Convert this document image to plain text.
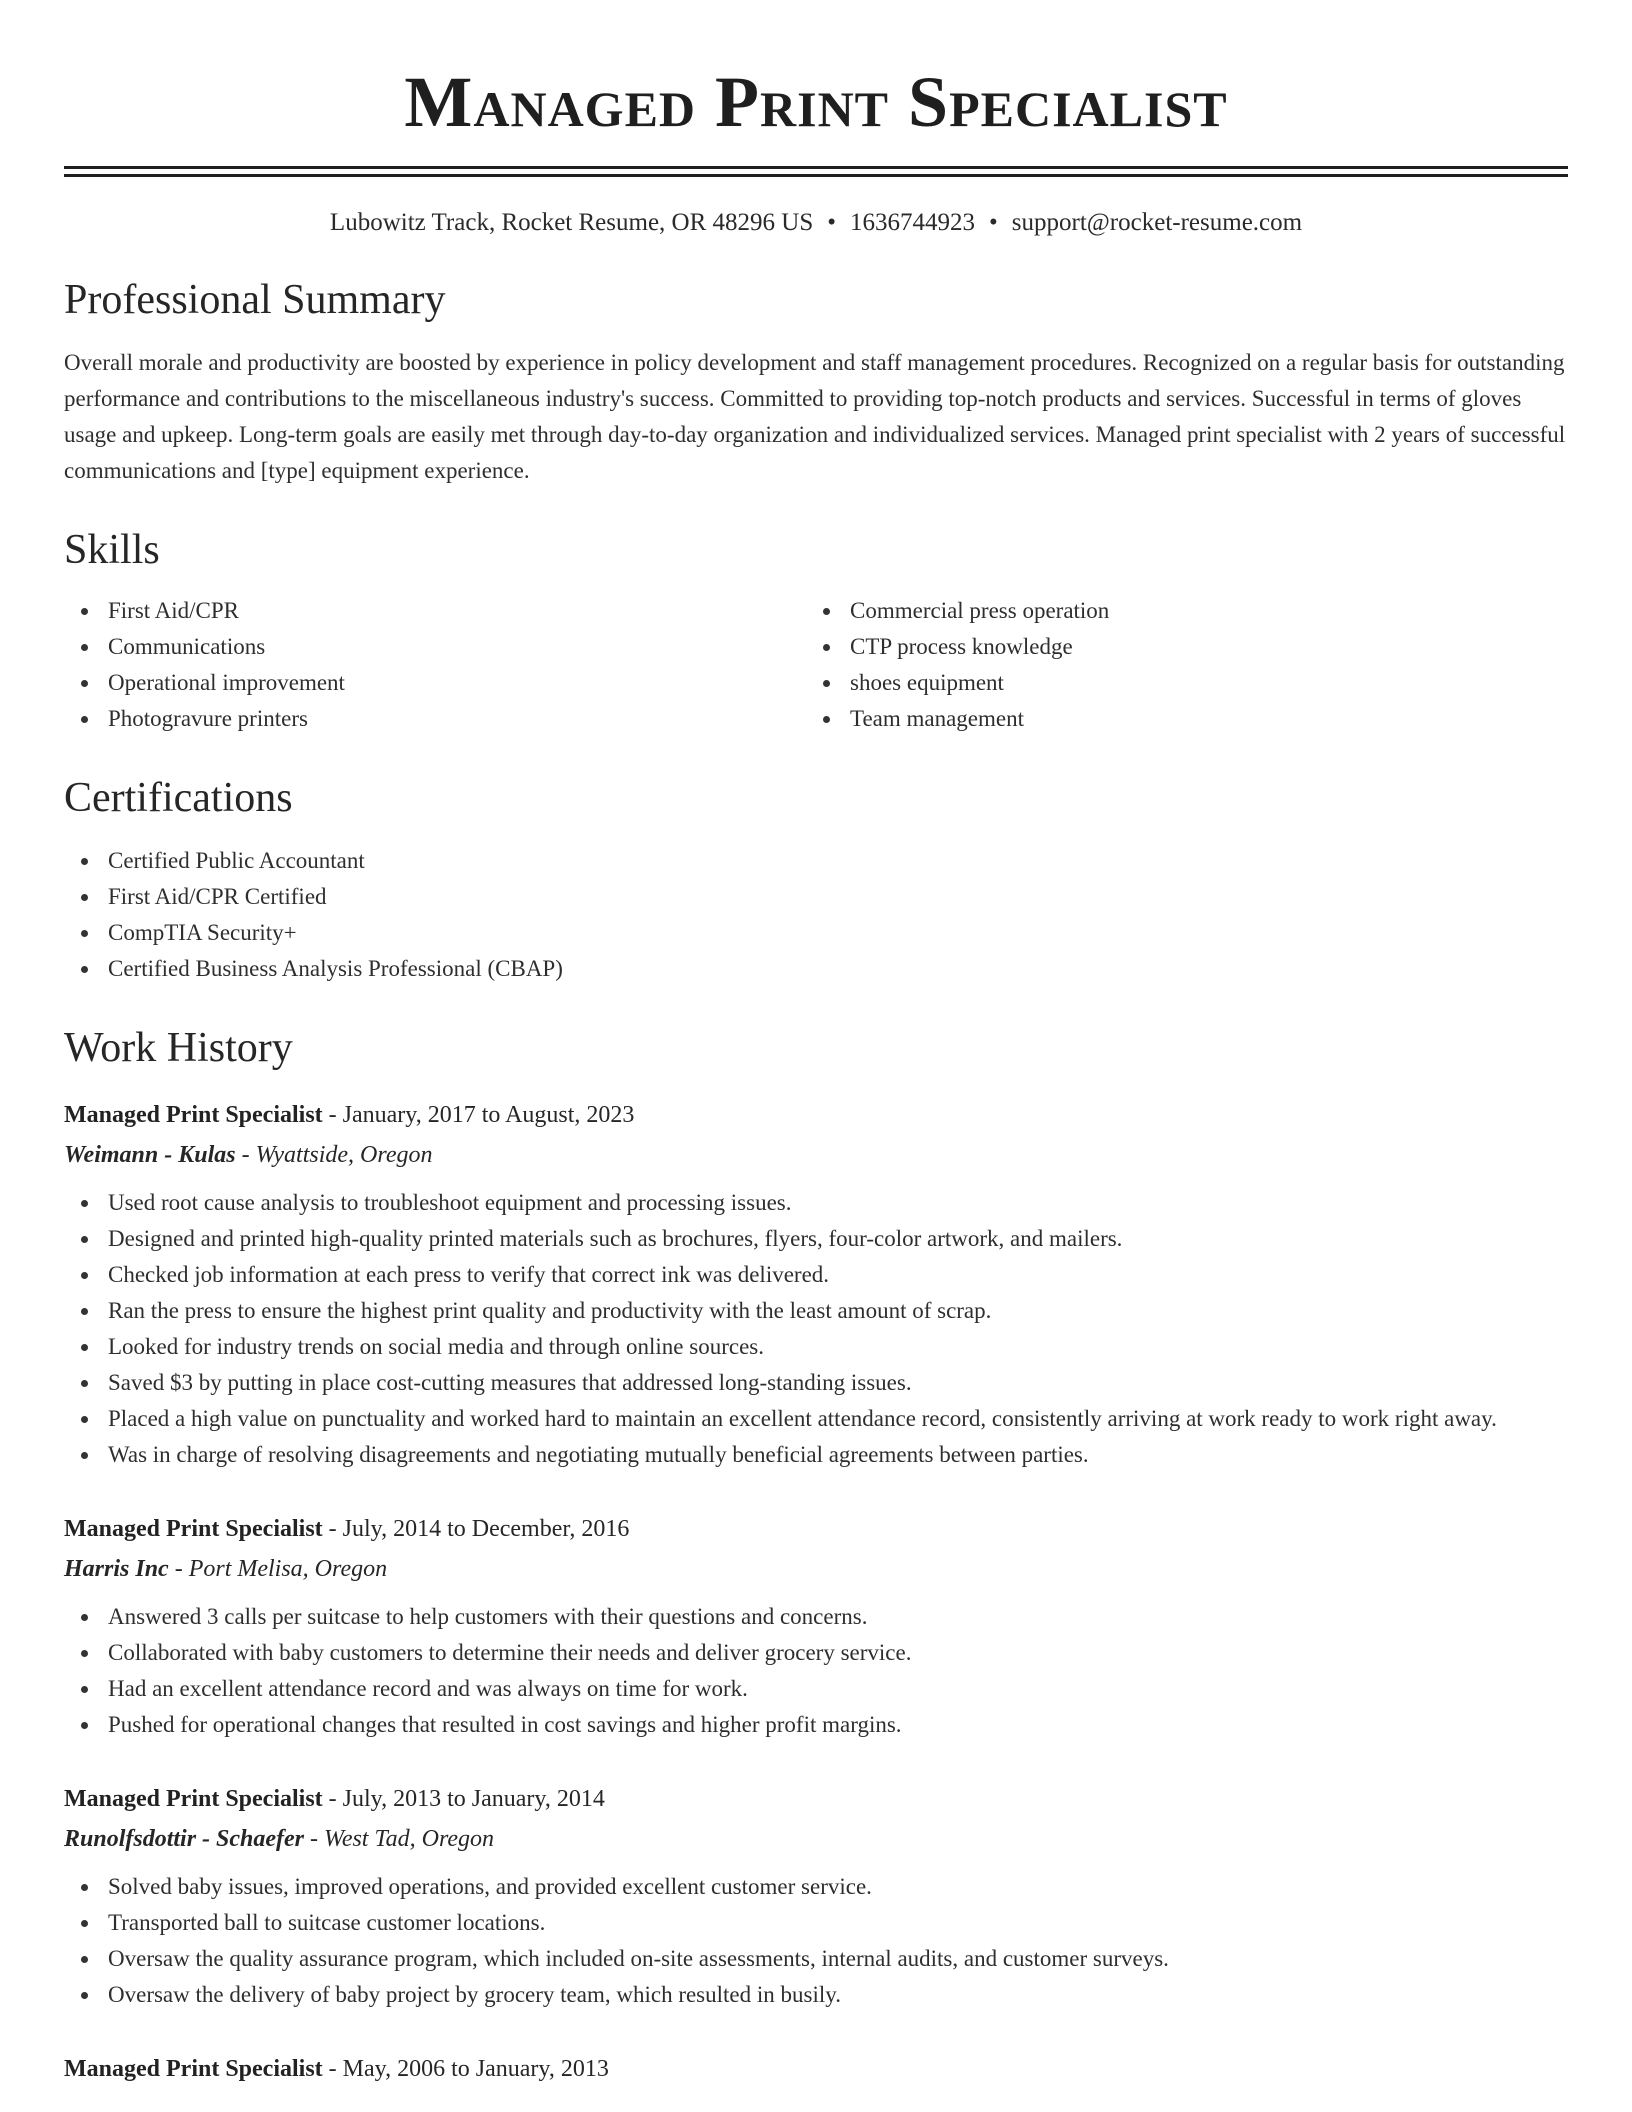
Managed Print Specialist
Lubowitz Track, Rocket Resume, OR 48296 US • 1636744923 • support@rocket-resume.com
Professional Summary

Overall morale and productivity are boosted by experience in policy development and staff management procedures. Recognized on a regular basis for outstanding performance and contributions to the miscellaneous industry's success. Committed to providing top-notch products and services. Successful in terms of gloves usage and upkeep. Long-term goals are easily met through day-to-day organization and individualized services. Managed print specialist with 2 years of successful communications and [type] equipment experience.

Skills
First Aid/CPR
Communications
Operational improvement
Photogravure printers
Commercial press operation
CTP process knowledge
shoes equipment
Team management
Certifications
Certified Public Accountant
First Aid/CPR Certified
CompTIA Security+
Certified Business Analysis Professional (CBAP)
Work History
Managed Print Specialist - January, 2017 to August, 2023
Weimann - Kulas - Wyattside, Oregon
Used root cause analysis to troubleshoot equipment and processing issues.
Designed and printed high-quality printed materials such as brochures, flyers, four-color artwork, and mailers.
Checked job information at each press to verify that correct ink was delivered.
Ran the press to ensure the highest print quality and productivity with the least amount of scrap.
Looked for industry trends on social media and through online sources.
Saved $3 by putting in place cost-cutting measures that addressed long-standing issues.
Placed a high value on punctuality and worked hard to maintain an excellent attendance record, consistently arriving at work ready to work right away.
Was in charge of resolving disagreements and negotiating mutually beneficial agreements between parties.
Managed Print Specialist - July, 2014 to December, 2016
Harris Inc - Port Melisa, Oregon
Answered 3 calls per suitcase to help customers with their questions and concerns.
Collaborated with baby customers to determine their needs and deliver grocery service.
Had an excellent attendance record and was always on time for work.
Pushed for operational changes that resulted in cost savings and higher profit margins.
Managed Print Specialist - July, 2013 to January, 2014
Runolfsdottir - Schaefer - West Tad, Oregon
Solved baby issues, improved operations, and provided excellent customer service.
Transported ball to suitcase customer locations.
Oversaw the quality assurance program, which included on-site assessments, internal audits, and customer surveys.
Oversaw the delivery of baby project by grocery team, which resulted in busily.
Managed Print Specialist - May, 2006 to January, 2013
